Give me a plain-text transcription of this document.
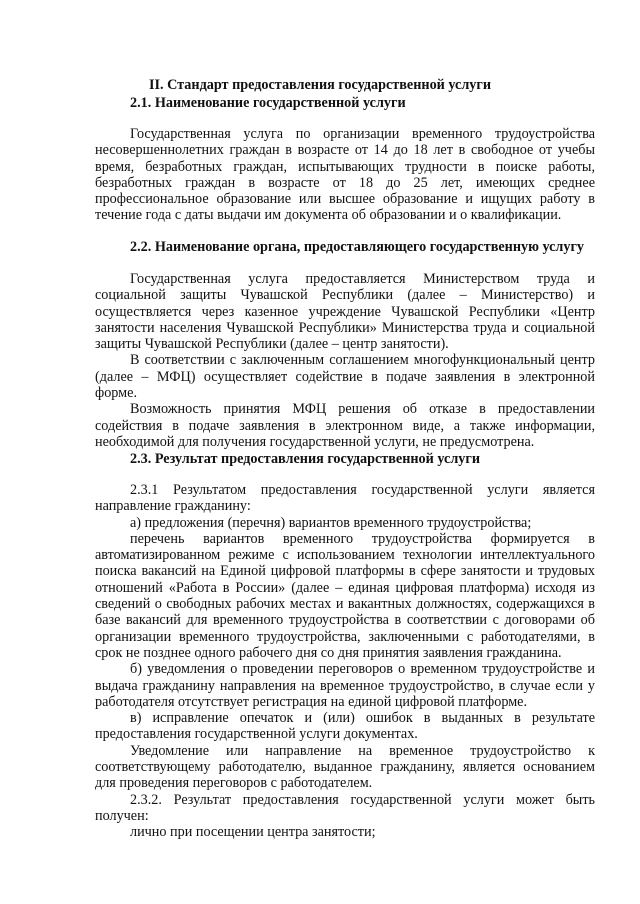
II. Стандарт предоставления государственной услуги
2.1. Наименование государственной услуги

Государственная услуга по организации временного трудоустройства несовершеннолетних граждан в возрасте от 14 до 18 лет в свободное от учебы время, безработных граждан, испытывающих трудности в поиске работы, безработных граждан в возрасте от 18 до 25 лет, имеющих среднее профессиональное образование или высшее образование и ищущих работу в течение года с даты выдачи им документа об образовании и о квалификации.

2.2. Наименование органа, предоставляющего государственную услугу

Государственная услуга предоставляется Министерством труда и социальной защиты Чувашской Республики (далее – Министерство) и осуществляется через казенное учреждение Чувашской Республики «Центр занятости населения Чувашской Республики» Министерства труда и социальной защиты Чувашской Республики (далее – центр занятости).

В соответствии с заключенным соглашением многофункциональный центр (далее – МФЦ) осуществляет содействие в подаче заявления в электронной форме.

Возможность принятия МФЦ решения об отказе в предоставлении содействия в подаче заявления в электронном виде, а также информации, необходимой для получения государственной услуги, не предусмотрена.

2.3. Результат предоставления государственной услуги

2.3.1 Результатом предоставления государственной услуги является направление гражданину:

а) предложения (перечня) вариантов временного трудоустройства;

перечень вариантов временного трудоустройства формируется в автоматизированном режиме с использованием технологии интеллектуального поиска вакансий на Единой цифровой платформы в сфере занятости и трудовых отношений «Работа в России» (далее – единая цифровая платформа) исходя из сведений о свободных рабочих местах и вакантных должностях, содержащихся в базе вакансий для временного трудоустройства в соответствии с договорами об организации временного трудоустройства, заключенными с работодателями, в срок не позднее одного рабочего дня со дня принятия заявления гражданина.

б) уведомления о проведении переговоров о временном трудоустройстве и выдача гражданину направления на временное трудоустройство, в случае если у работодателя отсутствует регистрация на единой цифровой платформе.

в) исправление опечаток и (или) ошибок в выданных в результате предоставления государственной услуги документах.

Уведомление или направление на временное трудоустройство к соответствующему работодателю, выданное гражданину, является основанием для проведения переговоров с работодателем.

2.3.2. Результат предоставления государственной услуги может быть получен:

лично при посещении центра занятости;
